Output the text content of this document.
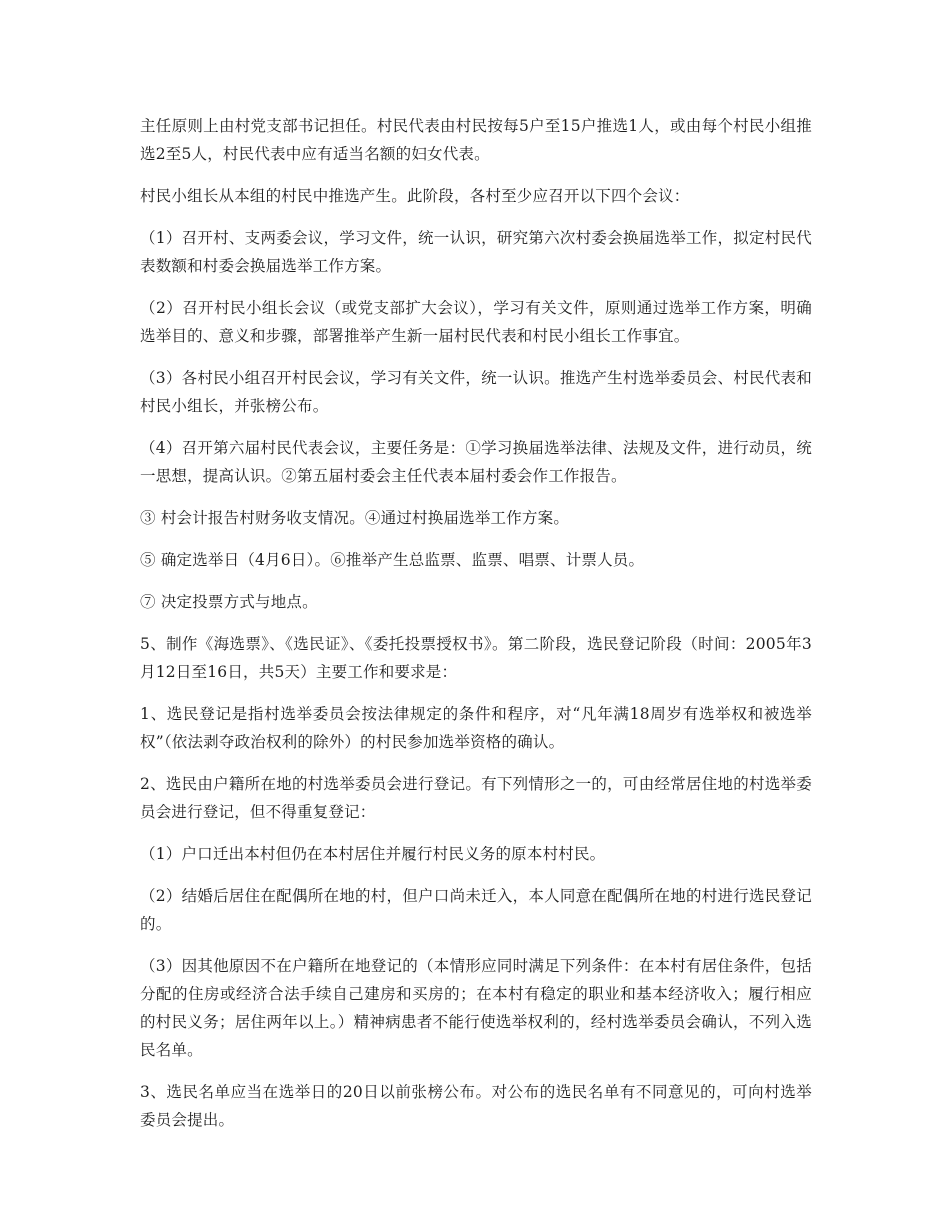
主任原则上由村党支部书记担任。村民代表由村民按每5户至15户推选1人，或由每个村民小组推选2至5人，村民代表中应有适当名额的妇女代表。

村民小组长从本组的村民中推选产生。此阶段，各村至少应召开以下四个会议：

（1）召开村、支两委会议，学习文件，统一认识，研究第六次村委会换届选举工作，拟定村民代表数额和村委会换届选举工作方案。

（2）召开村民小组长会议（或党支部扩大会议），学习有关文件，原则通过选举工作方案，明确选举目的、意义和步骤，部署推举产生新一届村民代表和村民小组长工作事宜。

（3）各村民小组召开村民会议，学习有关文件，统一认识。推选产生村选举委员会、村民代表和村民小组长，并张榜公布。

（4）召开第六届村民代表会议，主要任务是：①学习换届选举法律、法规及文件，进行动员，统一思想，提高认识。②第五届村委会主任代表本届村委会作工作报告。

③ 村会计报告村财务收支情况。④通过村换届选举工作方案。

⑤ 确定选举日（4月6日）。⑥推举产生总监票、监票、唱票、计票人员。

⑦ 决定投票方式与地点。

5、制作《海选票》、《选民证》、《委托投票授权书》。第二阶段，选民登记阶段（时间：2005年3月12日至16日，共5天）主要工作和要求是：

1、选民登记是指村选举委员会按法律规定的条件和程序，对“凡年满18周岁有选举权和被选举权”（依法剥夺政治权利的除外）的村民参加选举资格的确认。

2、选民由户籍所在地的村选举委员会进行登记。有下列情形之一的，可由经常居住地的村选举委员会进行登记，但不得重复登记：

（1）户口迁出本村但仍在本村居住并履行村民义务的原本村村民。

（2）结婚后居住在配偶所在地的村，但户口尚未迁入，本人同意在配偶所在地的村进行选民登记的。

（3）因其他原因不在户籍所在地登记的（本情形应同时满足下列条件：在本村有居住条件，包括分配的住房或经济合法手续自己建房和买房的；在本村有稳定的职业和基本经济收入；履行相应的村民义务；居住两年以上。）精神病患者不能行使选举权利的，经村选举委员会确认，不列入选民名单。

3、选民名单应当在选举日的20日以前张榜公布。对公布的选民名单有不同意见的，可向村选举委员会提出。
